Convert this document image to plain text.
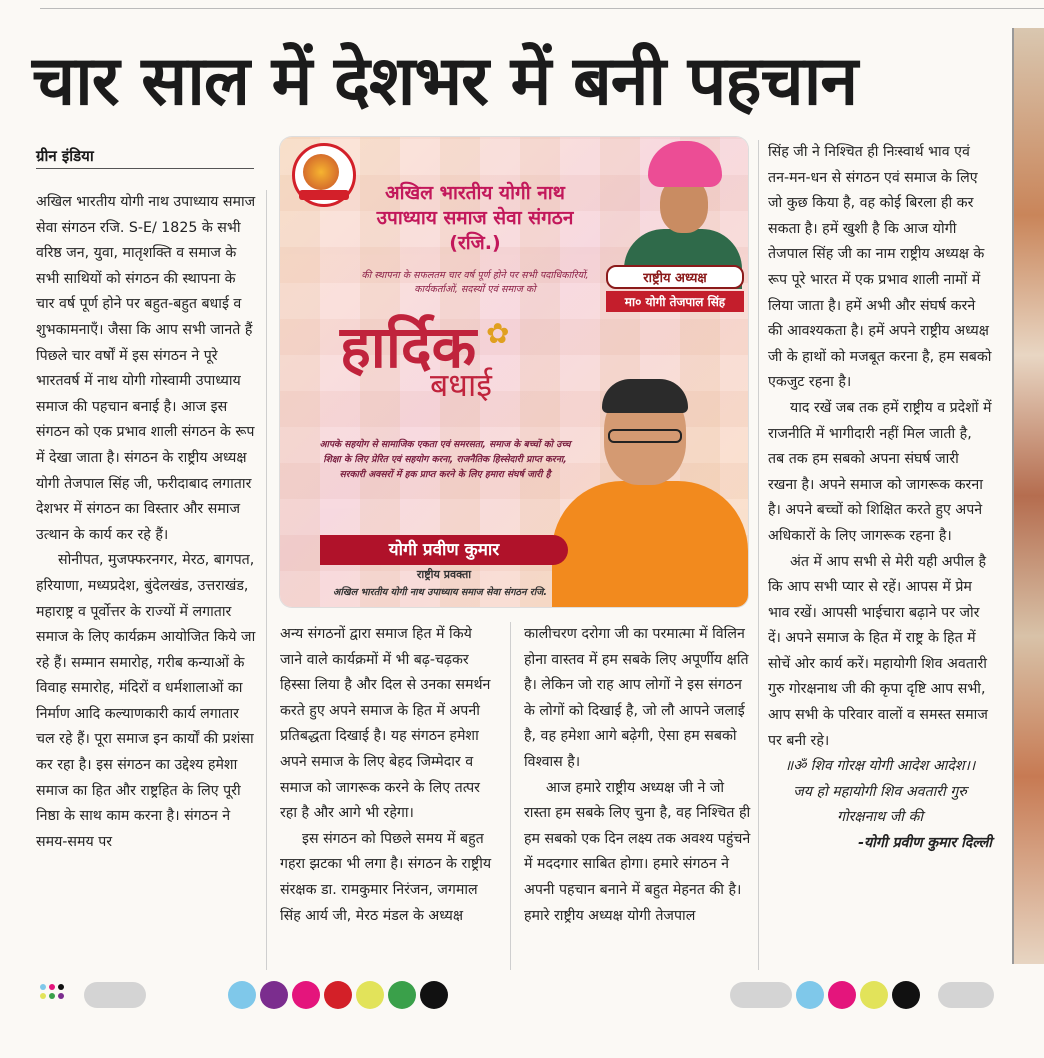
चार साल में देशभर में बनी पहचान
ग्रीन इंडिया

अखिल भारतीय योगी नाथ उपाध्याय समाज सेवा संगठन रजि. S-E/ 1825 के सभी वरिष्ठ जन, युवा, मातृशक्ति व समाज के सभी साथियों को संगठन की स्थापना के चार वर्ष पूर्ण होने पर बहुत-बहुत बधाई व शुभकामनाएँ। जैसा कि आप सभी जानते हैं पिछले चार वर्षों में इस संगठन ने पूरे भारतवर्ष में नाथ योगी गोस्वामी उपाध्याय समाज की पहचान बनाई है। आज इस संगठन को एक प्रभाव शाली संगठन के रूप में देखा जाता है। संगठन के राष्ट्रीय अध्यक्ष योगी तेजपाल सिंह जी, फरीदाबाद लगातार देशभर में संगठन का विस्तार और समाज उत्थान के कार्य कर रहे हैं।

सोनीपत, मुजफ्फरनगर, मेरठ, बागपत, हरियाणा, मध्यप्रदेश, बुंदेलखंड, उत्तराखंड, महाराष्ट्र व पूर्वोत्तर के राज्यों में लगातार समाज के लिए कार्यक्रम आयोजित किये जा रहे हैं। सम्मान समारोह, गरीब कन्याओं के विवाह समारोह, मंदिरों व धर्मशालाओं का निर्माण आदि कल्याणकारी कार्य लगातार चल रहे हैं। पूरा समाज इन कार्यों की प्रशंसा कर रहा है। इस संगठन का उद्देश्य हमेशा समाज का हित और राष्ट्रहित के लिए पूरी निष्ठा के साथ काम करना है। संगठन ने समय-समय पर

अखिल भारतीय योगी नाथ उपाध्याय समाज सेवा संगठन (रजि.)
की स्थापना के सफलतम चार वर्ष पूर्ण होने पर सभी पदाधिकारियों, कार्यकर्ताओं, सदस्यों एवं समाज को
हार्दिक ✿
बधाई
आपके सहयोग से सामाजिक एकता एवं समरसता, समाज के बच्चों को उच्च शिक्षा के लिए प्रेरित एवं सहयोग करना, राजनैतिक हिस्सेदारी प्राप्त करना, सरकारी अवसरों में हक प्राप्त करने के लिए हमारा संघर्ष जारी है
राष्ट्रीय अध्यक्ष
मा० योगी तेजपाल सिंह
योगी प्रवीण कुमार
राष्ट्रीय प्रवक्ता
अखिल भारतीय योगी नाथ उपाध्याय समाज सेवा संगठन रजि.

अन्य संगठनों द्वारा समाज हित में किये जाने वाले कार्यक्रमों में भी बढ़-चढ़कर हिस्सा लिया है और दिल से उनका समर्थन करते हुए अपने समाज के हित में अपनी प्रतिबद्धता दिखाई है। यह संगठन हमेशा अपने समाज के लिए बेहद जिम्मेदार व समाज को जागरूक करने के लिए तत्पर रहा है और आगे भी रहेगा।

इस संगठन को पिछले समय में बहुत गहरा झटका भी लगा है। संगठन के राष्ट्रीय संरक्षक डा. रामकुमार निरंजन, जगमाल सिंह आर्य जी, मेरठ मंडल के अध्यक्ष

कालीचरण दरोगा जी का परमात्मा में विलिन होना वास्तव में हम सबके लिए अपूर्णीय क्षति है। लेकिन जो राह आप लोगों ने इस संगठन के लोगों को दिखाई है, जो लौ आपने जलाई है, वह हमेशा आगे बढ़ेगी, ऐसा हम सबको विश्वास है।

आज हमारे राष्ट्रीय अध्यक्ष जी ने जो रास्ता हम सबके लिए चुना है, वह निश्चित ही हम सबको एक दिन लक्ष्य तक अवश्य पहुंचने में मददगार साबित होगा। हमारे संगठन ने अपनी पहचान बनाने में बहुत मेहनत की है। हमारे राष्ट्रीय अध्यक्ष योगी तेजपाल

सिंह जी ने निश्चित ही निःस्वार्थ भाव एवं तन-मन-धन से संगठन एवं समाज के लिए जो कुछ किया है, वह कोई बिरला ही कर सकता है। हमें खुशी है कि आज योगी तेजपाल सिंह जी का नाम राष्ट्रीय अध्यक्ष के रूप पूरे भारत में एक प्रभाव शाली नामों में लिया जाता है। हमें अभी और संघर्ष करने की आवश्यकता है। हमें अपने राष्ट्रीय अध्यक्ष जी के हाथों को मजबूत करना है, हम सबको एकजुट रहना है।

याद रखें जब तक हमें राष्ट्रीय व प्रदेशों में राजनीति में भागीदारी नहीं मिल जाती है, तब तक हम सबको अपना संघर्ष जारी रखना है। अपने समाज को जागरूक करना है। अपने बच्चों को शिक्षित करते हुए अपने अधिकारों के लिए जागरूक रहना है।

अंत में आप सभी से मेरी यही अपील है कि आप सभी प्यार से रहें। आपस में प्रेम भाव रखें। आपसी भाईचारा बढ़ाने पर जोर दें। अपने समाज के हित में राष्ट्र के हित में सोचें ओर कार्य करें। महायोगी शिव अवतारी गुरु गोरक्षनाथ जी की कृपा दृष्टि आप सभी, आप सभी के परिवार वालों व समस्त समाज पर बनी रहे।

॥ॐ शिव गोरक्ष योगी आदेश आदेश।।
जय हो महायोगी शिव अवतारी गुरु गोरक्षनाथ जी की
-योगी प्रवीण कुमार दिल्ली
